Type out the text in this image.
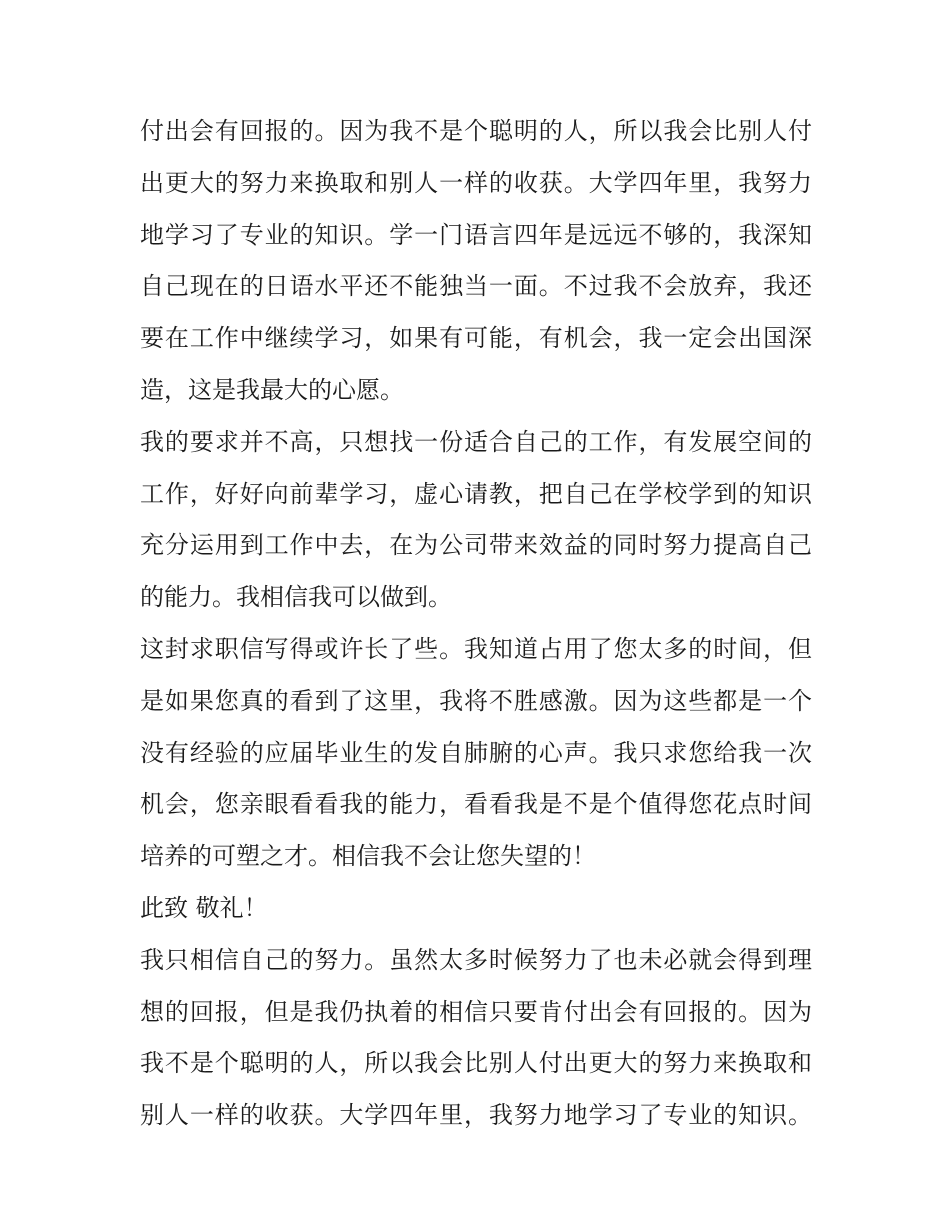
付出会有回报的。因为我不是个聪明的人，所以我会比别人付
出更大的努力来换取和别人一样的收获。大学四年里，我努力
地学习了专业的知识。学一门语言四年是远远不够的，我深知
自己现在的日语水平还不能独当一面。不过我不会放弃，我还
要在工作中继续学习，如果有可能，有机会，我一定会出国深
造，这是我最大的心愿。
我的要求并不高，只想找一份适合自己的工作，有发展空间的
工作，好好向前辈学习，虚心请教，把自己在学校学到的知识
充分运用到工作中去，在为公司带来效益的同时努力提高自己
的能力。我相信我可以做到。
这封求职信写得或许长了些。我知道占用了您太多的时间，但
是如果您真的看到了这里，我将不胜感激。因为这些都是一个
没有经验的应届毕业生的发自肺腑的心声。我只求您给我一次
机会，您亲眼看看我的能力，看看我是不是个值得您花点时间
培养的可塑之才。相信我不会让您失望的！
此致 敬礼！
我只相信自己的努力。虽然太多时候努力了也未必就会得到理
想的回报，但是我仍执着的相信只要肯付出会有回报的。因为
我不是个聪明的人，所以我会比别人付出更大的努力来换取和
别人一样的收获。大学四年里，我努力地学习了专业的知识。
